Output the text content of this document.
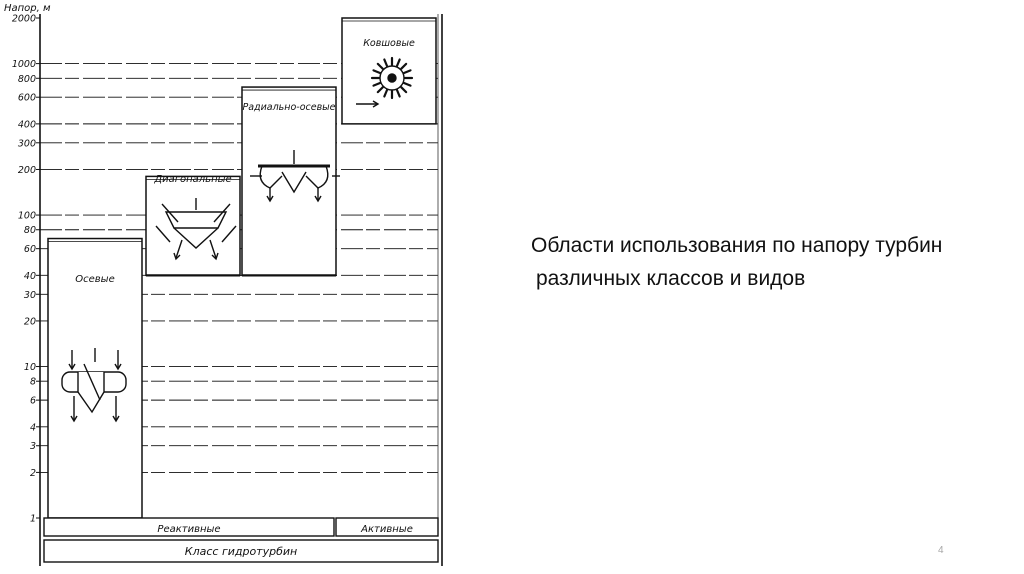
2000
1000
800
600
400
300
200
100
80
60
40
30
20
10
8
6
4
3
2
1
Осевые
Диагональные
Радиально-осевые
Ковшовые
Реактивные	Активные
Класс гидротурбин
Напор, м
Области использования по напору турбин
различных классов и видов
4
